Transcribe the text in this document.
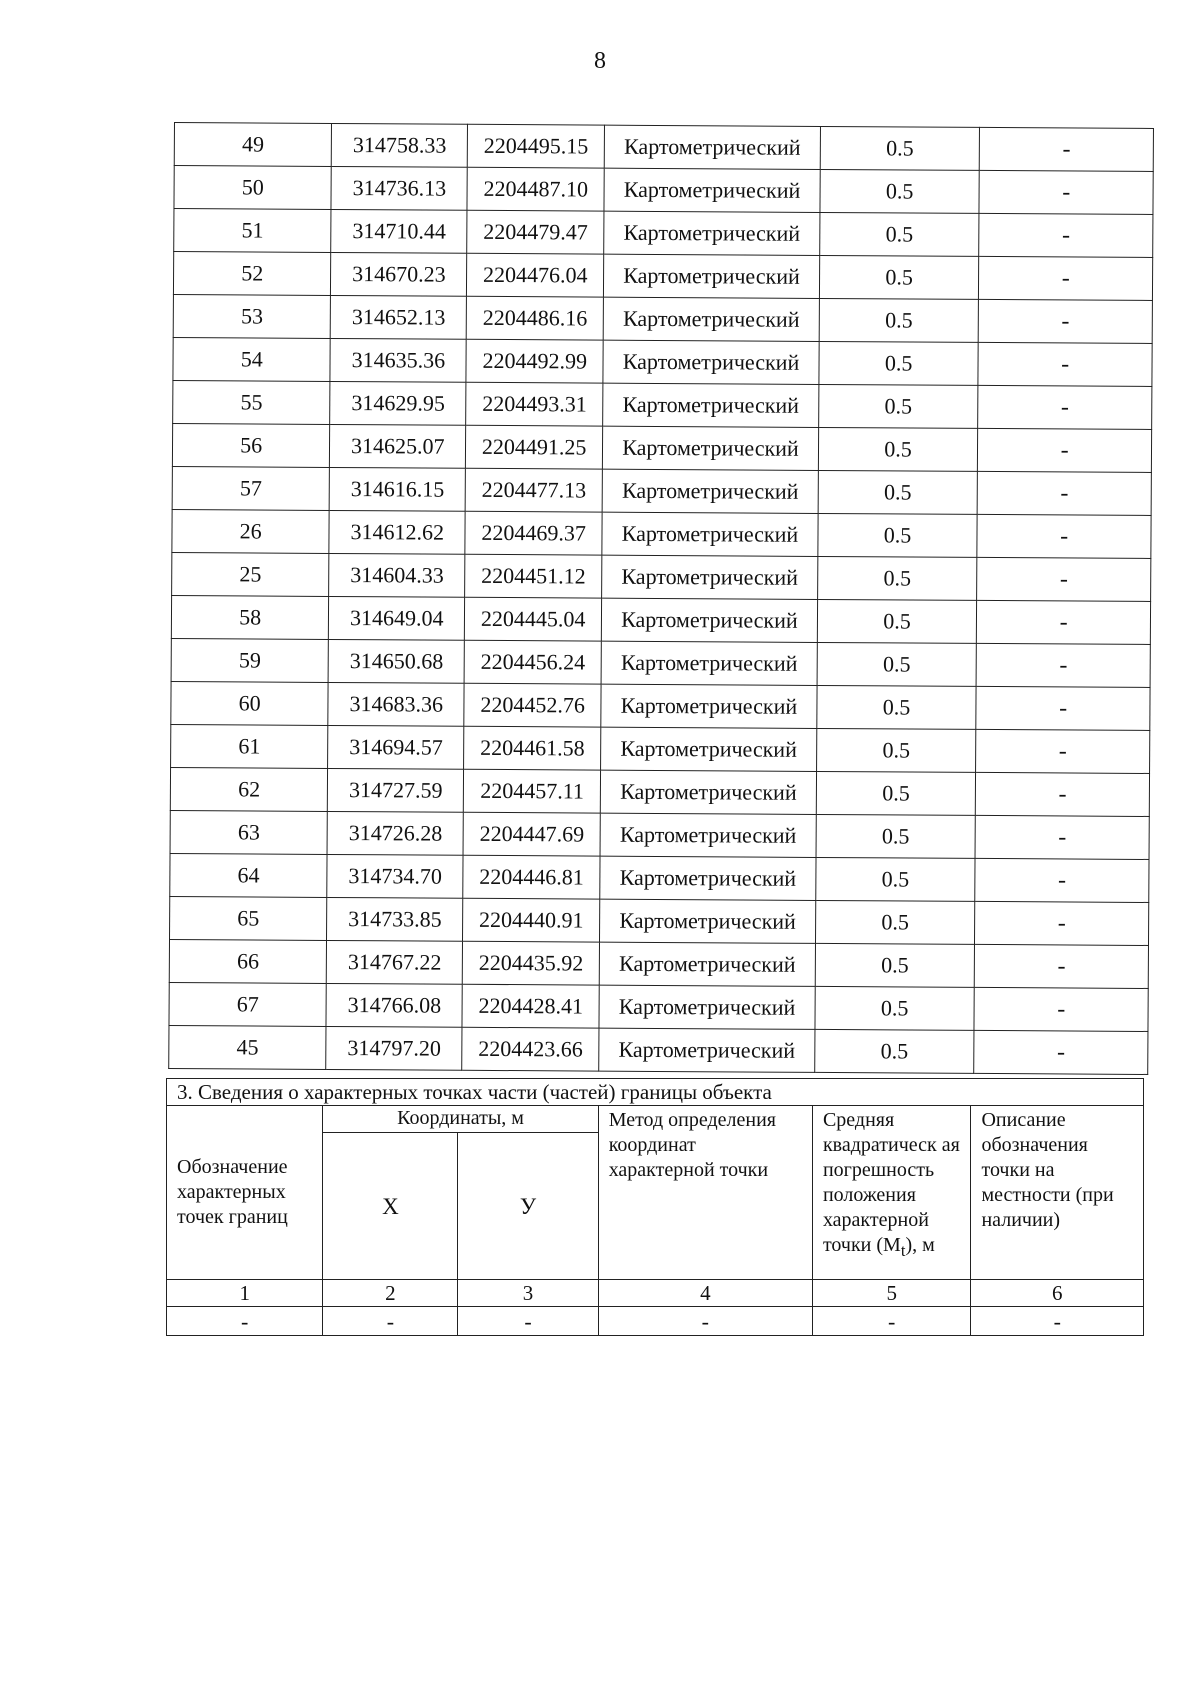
8
49	314758.33	2204495.15	Картометрический	0.5	-
50	314736.13	2204487.10	Картометрический	0.5	-
51	314710.44	2204479.47	Картометрический	0.5	-
52	314670.23	2204476.04	Картометрический	0.5	-
53	314652.13	2204486.16	Картометрический	0.5	-
54	314635.36	2204492.99	Картометрический	0.5	-
55	314629.95	2204493.31	Картометрический	0.5	-
56	314625.07	2204491.25	Картометрический	0.5	-
57	314616.15	2204477.13	Картометрический	0.5	-
26	314612.62	2204469.37	Картометрический	0.5	-
25	314604.33	2204451.12	Картометрический	0.5	-
58	314649.04	2204445.04	Картометрический	0.5	-
59	314650.68	2204456.24	Картометрический	0.5	-
60	314683.36	2204452.76	Картометрический	0.5	-
61	314694.57	2204461.58	Картометрический	0.5	-
62	314727.59	2204457.11	Картометрический	0.5	-
63	314726.28	2204447.69	Картометрический	0.5	-
64	314734.70	2204446.81	Картометрический	0.5	-
65	314733.85	2204440.91	Картометрический	0.5	-
66	314767.22	2204435.92	Картометрический	0.5	-
67	314766.08	2204428.41	Картометрический	0.5	-
45	314797.20	2204423.66	Картометрический	0.5	-
3. Сведения о характерных точках части (частей) границы объекта					
Обозначение характерных точек границ	Координаты, м		Метод определения координат характерной точки	Средняя квадратическ ая погрешность положения характерной точки $(M_t)$, м	Описание обозначения точки на местности (при наличии)
	X	У			
1	2	3	4	5	6
-	-	-	-	-	-
